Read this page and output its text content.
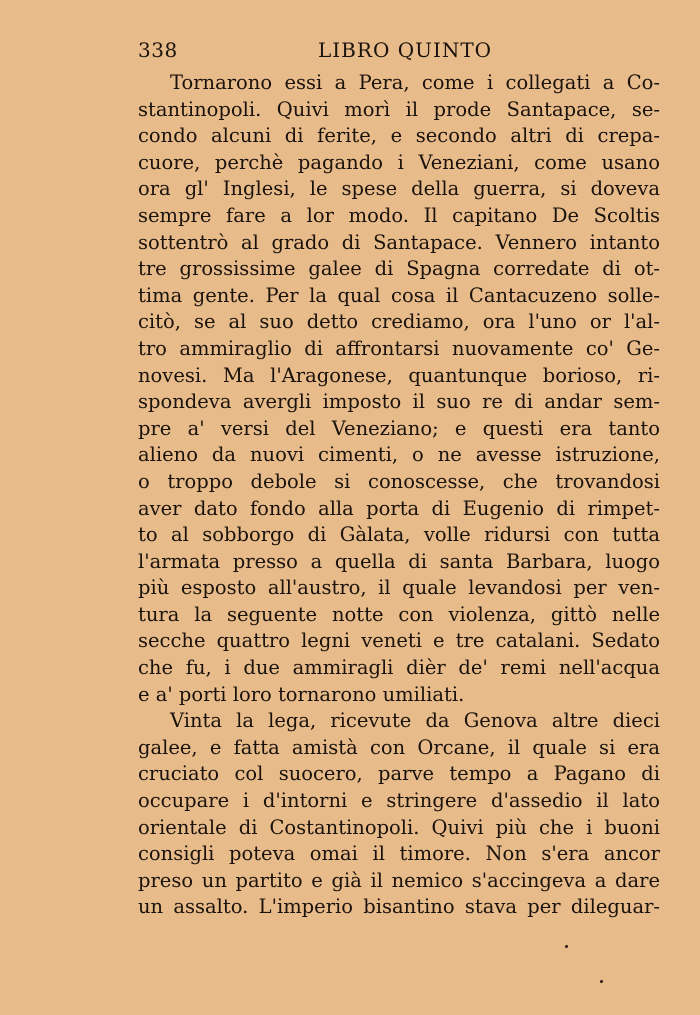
338	LIBRO QUINTO
Tornarono essi a Pera, come i collegati a Co-
stantinopoli. Quivi morì il prode Santapace, se-
condo alcuni di ferite, e secondo altri di crepa-
cuore, perchè pagando i Veneziani, come usano
ora gl' Inglesi, le spese della guerra, si doveva
sempre fare a lor modo. Il capitano De Scoltis
sottentrò al grado di Santapace. Vennero intanto
tre grossissime galee di Spagna corredate di ot-
tima gente. Per la qual cosa il Cantacuzeno solle-
citò, se al suo detto crediamo, ora l'uno or l'al-
tro ammiraglio di affrontarsi nuovamente co' Ge-
novesi. Ma l'Aragonese, quantunque borioso, ri-
spondeva avergli imposto il suo re di andar sem-
pre a' versi del Veneziano; e questi era tanto
alieno da nuovi cimenti, o ne avesse istruzione,
o troppo debole si conoscesse, che trovandosi
aver dato fondo alla porta di Eugenio di rimpet-
to al sobborgo di Gàlata, volle ridursi con tutta
l'armata presso a quella di santa Barbara, luogo
più esposto all'austro, il quale levandosi per ven-
tura la seguente notte con violenza, gittò nelle
secche quattro legni veneti e tre catalani. Sedato
che fu, i due ammiragli dièr de' remi nell'acqua
e a' porti loro tornarono umiliati.
Vinta la lega, ricevute da Genova altre dieci
galee, e fatta amistà con Orcane, il quale si era
cruciato col suocero, parve tempo a Pagano di
occupare i d'intorni e stringere d'assedio il lato
orientale di Costantinopoli. Quivi più che i buoni
consigli poteva omai il timore. Non s'era ancor
preso un partito e già il nemico s'accingeva a dare
un assalto. L'imperio bisantino stava per dileguar-
